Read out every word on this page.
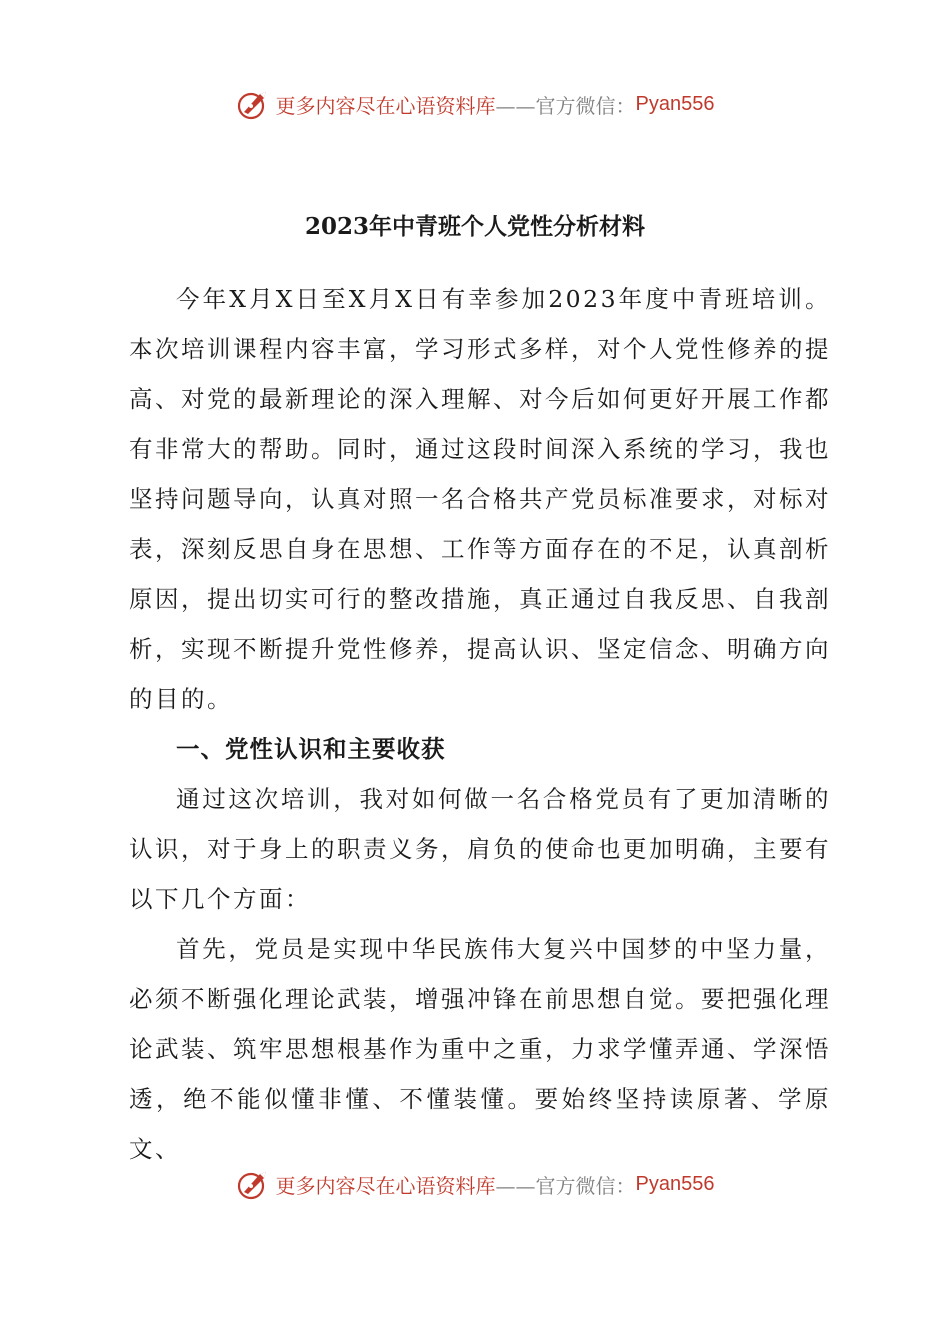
更多内容尽在心语资料库 ——官方微信： Pyan556
2023年中青班个人党性分析材料

今年X月X日至X月X日有幸参加2023年度中青班培训。本次培训课程内容丰富，学习形式多样，对个人党性修养的提高、对党的最新理论的深入理解、对今后如何更好开展工作都有非常大的帮助。同时，通过这段时间深入系统的学习，我也坚持问题导向，认真对照一名合格共产党员标准要求，对标对表，深刻反思自身在思想、工作等方面存在的不足，认真剖析原因，提出切实可行的整改措施，真正通过自我反思、自我剖析，实现不断提升党性修养，提高认识、坚定信念、明确方向的目的。

一、党性认识和主要收获

通过这次培训，我对如何做一名合格党员有了更加清晰的认识，对于身上的职责义务，肩负的使命也更加明确，主要有以下几个方面：

首先，党员是实现中华民族伟大复兴中国梦的中坚力量，必须不断强化理论武装，增强冲锋在前思想自觉。要把强化理论武装、筑牢思想根基作为重中之重，力求学懂弄通、学深悟透，绝不能似懂非懂、不懂装懂。要始终坚持读原著、学原文、

更多内容尽在心语资料库 ——官方微信： Pyan556
